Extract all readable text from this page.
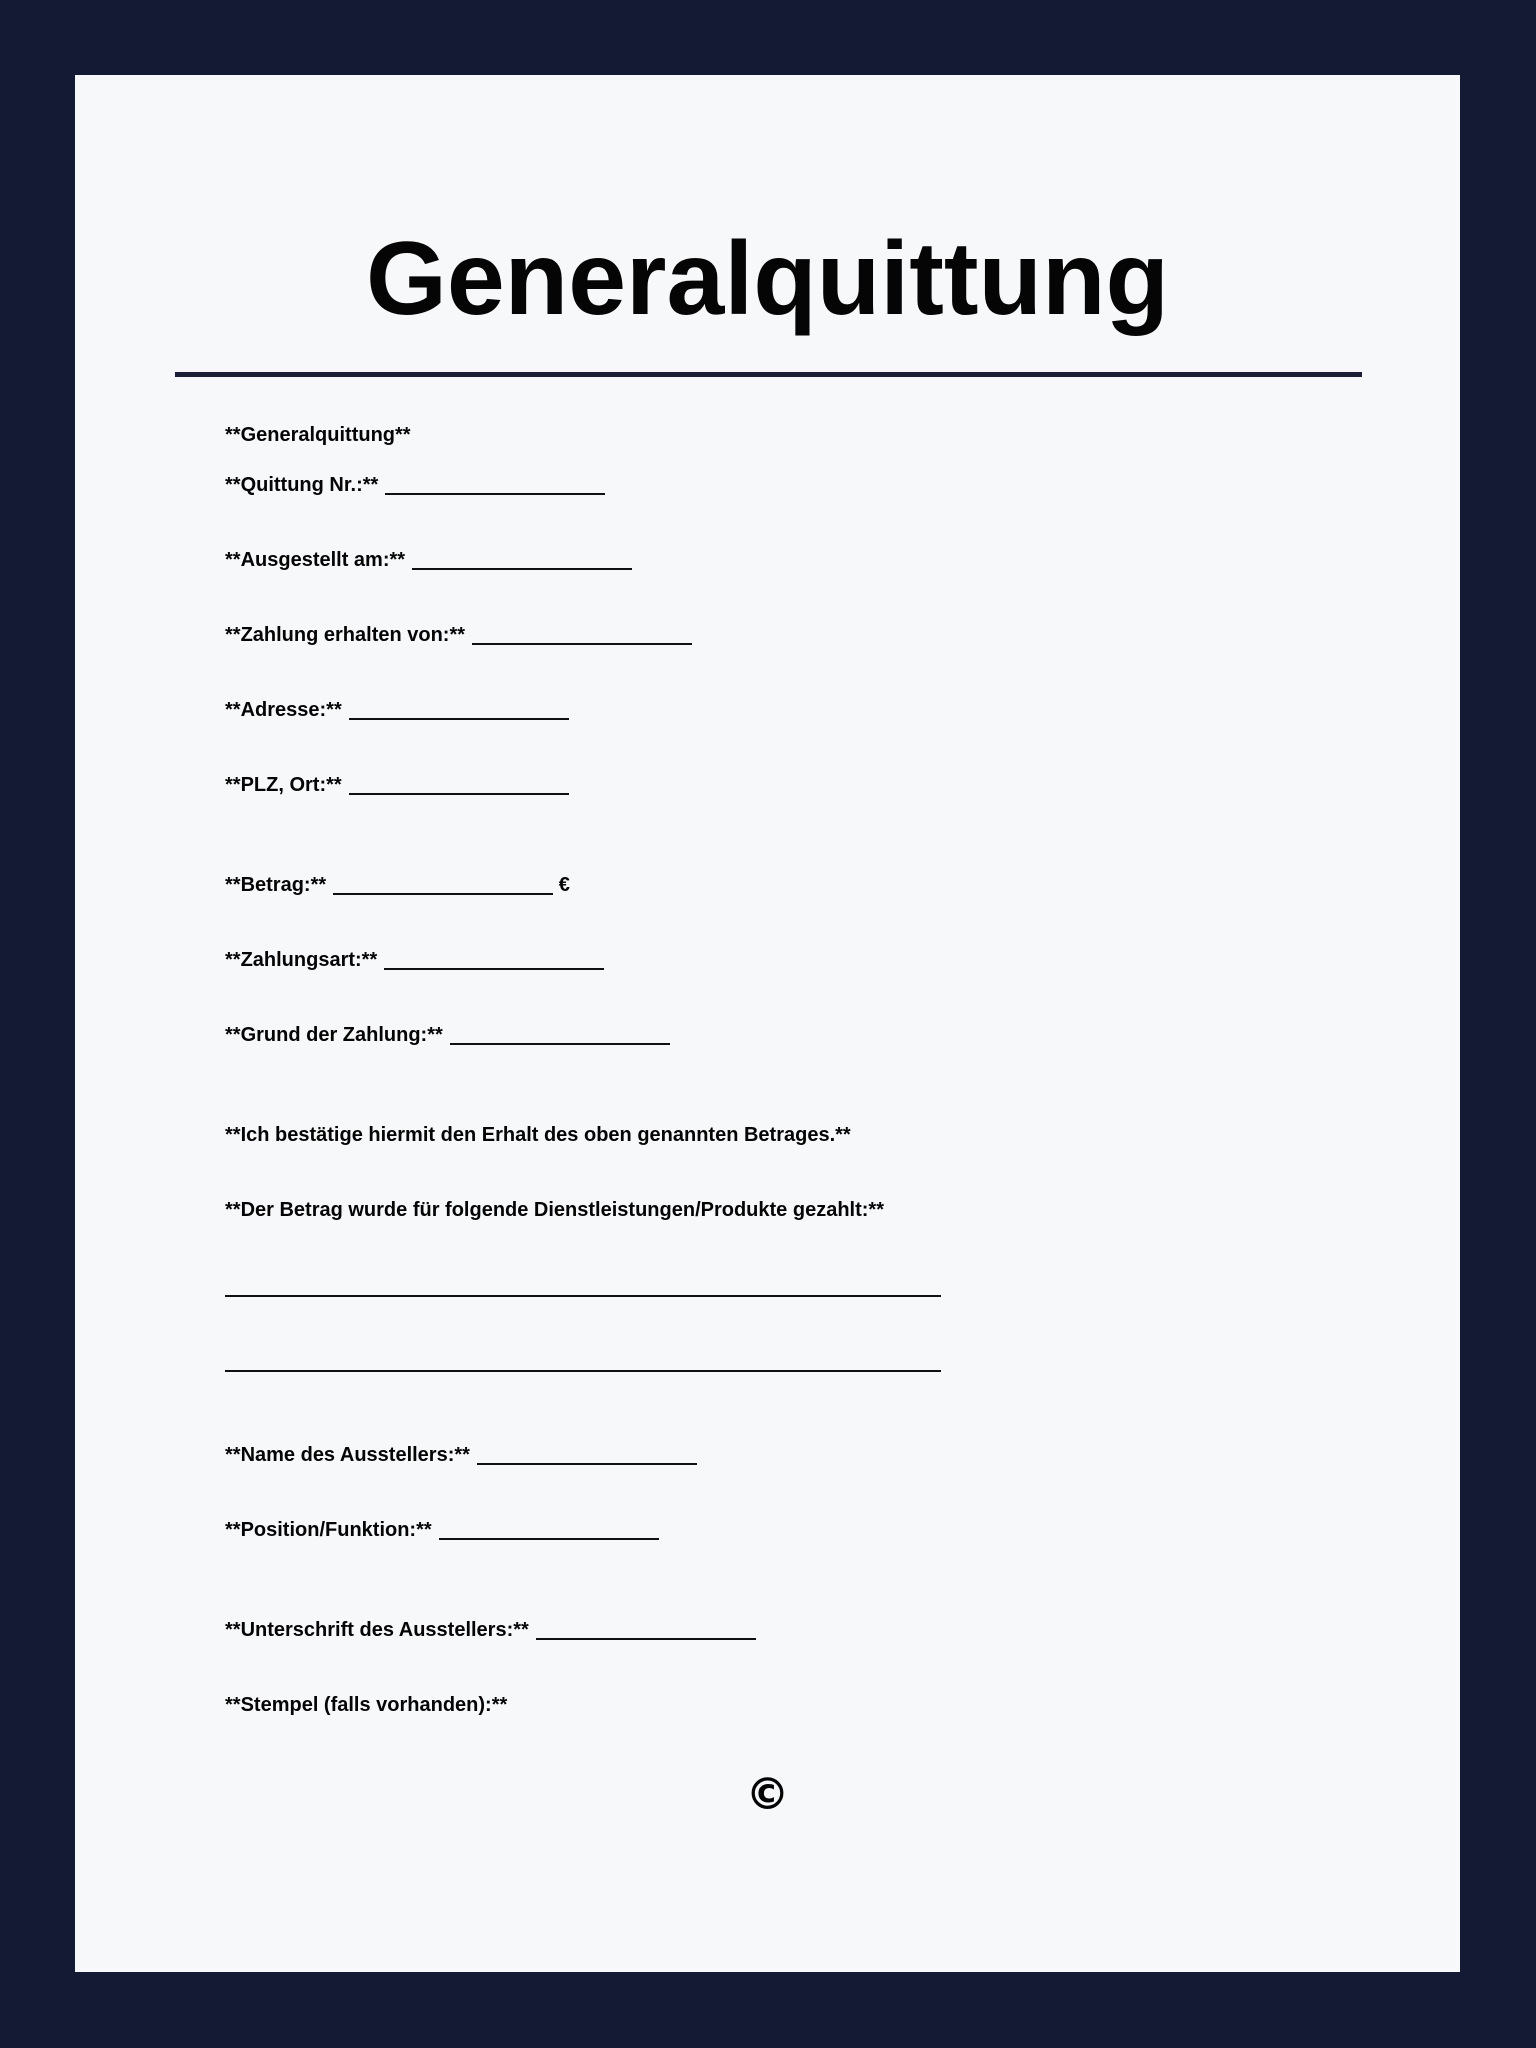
Generalquittung
**Generalquittung**
**Quittung Nr.:**
**Ausgestellt am:**
**Zahlung erhalten von:**
**Adresse:**
**PLZ, Ort:**
**Betrag:**	€
**Zahlungsart:**
**Grund der Zahlung:**
**Ich bestätige hiermit den Erhalt des oben genannten Betrages.**
**Der Betrag wurde für folgende Dienstleistungen/Produkte gezahlt:**
**Name des Ausstellers:**
**Position/Funktion:**
**Unterschrift des Ausstellers:**
**Stempel (falls vorhanden):**
©
